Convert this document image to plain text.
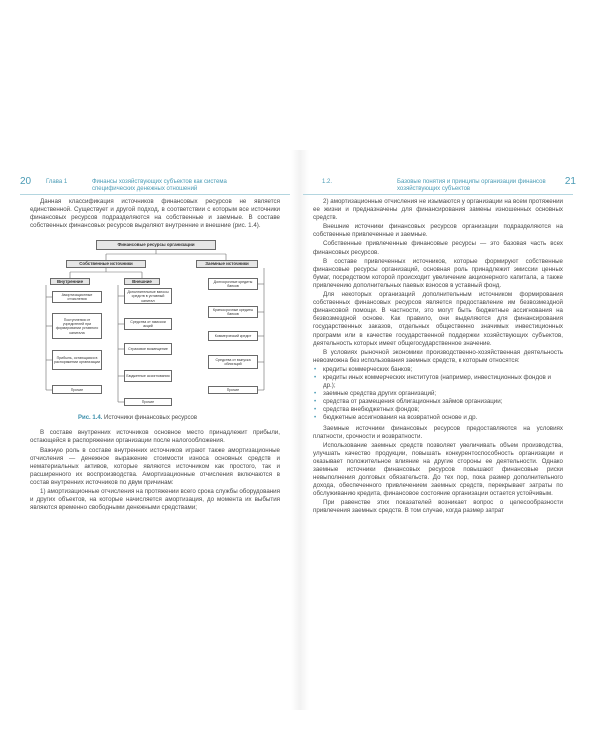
20 Глава 1	Финансы хозяйствующих субъектов как система специфических денежных отношений

Данная классификация источников финансовых ресурсов не является единственной. Существует и другой подход, в соответствии с которым все источники финансовых ресурсов подразделяются на собственные и заемные. В составе собственных финансовых ресурсов выделяют внутренние и внешние (рис. 1.4).

Финансовые ресурсы организации
Собственные источники	Заемные источники
Внутренние	Внешние
Амортизационные отчисления
Поступления от учредителей при формировании уставного капитала
Прибыль, остающаяся в распоряжении организации
Прочие
Дополнительные взносы средств в уставный капитал
Средства от эмиссии акций
Страховое возмещение
Бюджетные ассигнования
Прочие
Долгосрочные кредиты банков
Краткосрочные кредиты банков
Коммерческий кредит
Средства от выпуска облигаций
Прочие
Рис. 1.4. Источники финансовых ресурсов

В составе внутренних источников основное место принадлежит прибыли, остающейся в распоряжении организации после налогообложения.

Важную роль в составе внутренних источников играют также амортизационные отчисления — денежное выражение стоимости износа основных средств и нематериальных активов, которые являются источником как простого, так и расширенного их воспроизводства. Амортизационные отчисления включаются в состав внутренних источников по двум причинам:

1) амортизационные отчисления на протяжении всего срока службы оборудования и других объектов, на которые начисляется амортизация, до момента их выбытия являются временно свободными денежными средствами;

1.2.	Базовые понятия и принципы организации финансов хозяйствующих субъектов
21

2) амортизационные отчисления не изымаются у организации на всем протяжении ее жизни и предназначены для финансирования замены изношенных основных средств.

Внешние источники финансовых ресурсов организации подразделяются на собственные привлеченные и заемные.

Собственные привлеченные финансовые ресурсы — это базовая часть всех финансовых ресурсов.

В составе привлеченных источников, которые формируют собственные финансовые ресурсы организаций, основная роль принадлежит эмиссии ценных бумаг, посредством которой происходит увеличение акционерного капитала, а также привлечению дополнительных паевых взносов в уставный фонд.

Для некоторых организаций дополнительным источником формирования собственных финансовых ресурсов является предоставление им безвозмездной финансовой помощи. В частности, это могут быть бюджетные ассигнования на безвозмездной основе. Как правило, они выделяются для финансирования государственных заказов, отдельных общественно значимых инвестиционных программ или в качестве государственной поддержки хозяйствующих субъектов, деятельность которых имеет общегосударственное значение.

В условиях рыночной экономики производственно-хозяйственная деятельность невозможна без использования заемных средств, к которым относятся:

• кредиты коммерческих банков;
• кредиты иных коммерческих институтов (например, инвестиционных фондов и др.);
• заемные средства других организаций;
• средства от размещения облигационных займов организации;
• средства внебюджетных фондов;
• бюджетные ассигнования на возвратной основе и др.

Заемные источники финансовых ресурсов предоставляются на условиях платности, срочности и возвратности.

Использование заемных средств позволяет увеличивать объем производства, улучшать качество продукции, повышать конкурентоспособность организации и оказывает положительное влияние на другие стороны ее деятельности. Однако заемные источники финансовых ресурсов повышают финансовые риски невыполнения долговых обязательств. До тех пор, пока размер дополнительного дохода, обеспеченного привлечением заемных средств, перекрывает затраты по обслуживанию кредита, финансовое состояние организации остается устойчивым.

При равенстве этих показателей возникает вопрос о целесообразности привлечения заемных средств. В том случае, когда размер затрат
